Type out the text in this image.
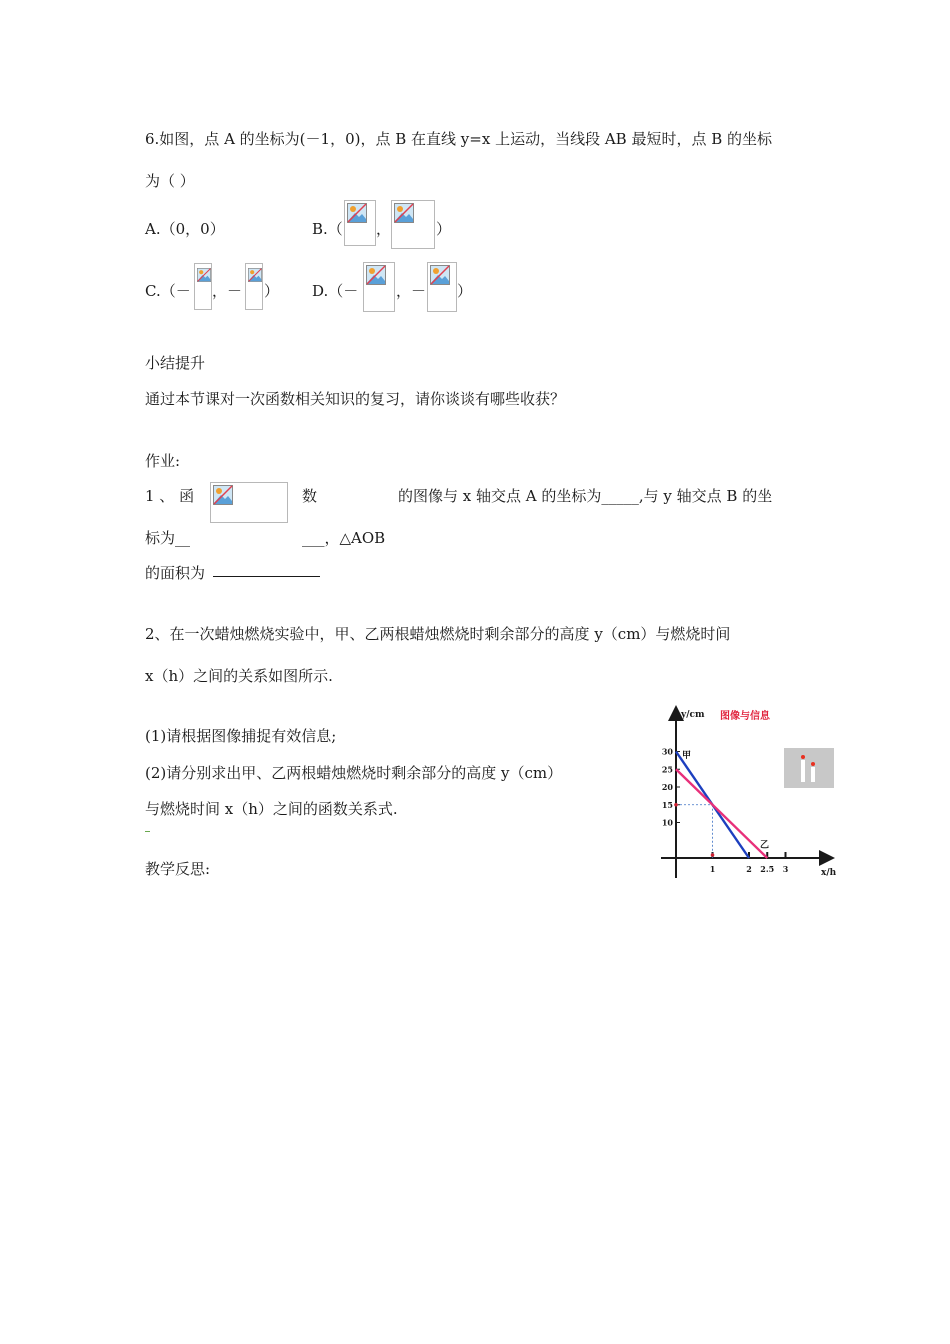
6.如图，点 A 的坐标为(－1，0)，点 B 在直线 y=x 上运动，当线段 AB 最短时，点 B 的坐标
为（ ）
A.（0，0）	B.（ ，	）
C.（－ ，－ ） D.（－	，－ ）
小结提升
通过本节课对一次函数相关知识的复习，请你谈谈有哪些收获？
作业:
1 、 函	数	的图像与 x 轴交点 A 的坐标为_____,与 y 轴交点 B 的坐
标为__	___，△AOB
的面积为
2、在一次蜡烛燃烧实验中，甲、乙两根蜡烛燃烧时剩余部分的高度 y（cm）与燃烧时间
x（h）之间的关系如图所示.
(1)请根据图像捕捉有效信息;
(2)请分别求出甲、乙两根蜡烛燃烧时剩余部分的高度 y（cm）
与燃烧时间 x（h）之间的函数关系式.
教学反思:
y/cm
x/h
图像与信息
10
15
20
25
30
1	2 2.5 3
甲
乙
